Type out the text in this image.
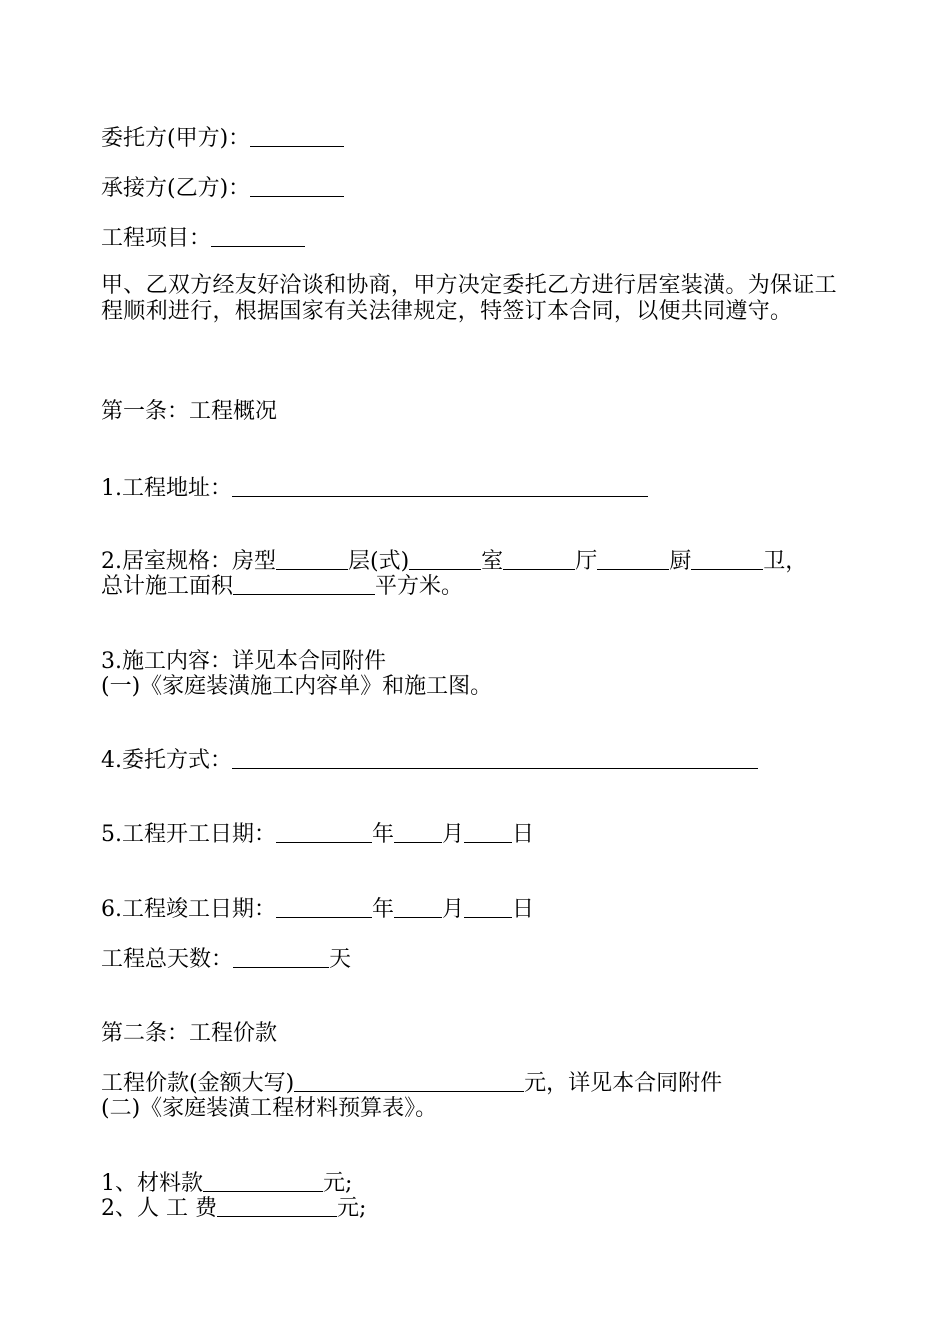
委托方(甲方)：
承接方(乙方)：
工程项目：
甲、乙双方经友好洽谈和协商，甲方决定委托乙方进行居室装潢。为保证工程顺利进行，根据国家有关法律规定，特签订本合同，以便共同遵守。
第一条：工程概况
1.工程地址：
2.居室规格：房型	层(式)	室	厅	厨	卫，
总计施工面积	平方米。
3.施工内容：详见本合同附件
(一)《家庭装潢施工内容单》和施工图。
4.委托方式：
5.工程开工日期：	年 月 日
6.工程竣工日期：	年 月 日
工程总天数：	天
第二条：工程价款
工程价款(金额大写)	元，详见本合同附件
(二)《家庭装潢工程材料预算表》。
1、材料款	元;
2、人 工 费	元;
